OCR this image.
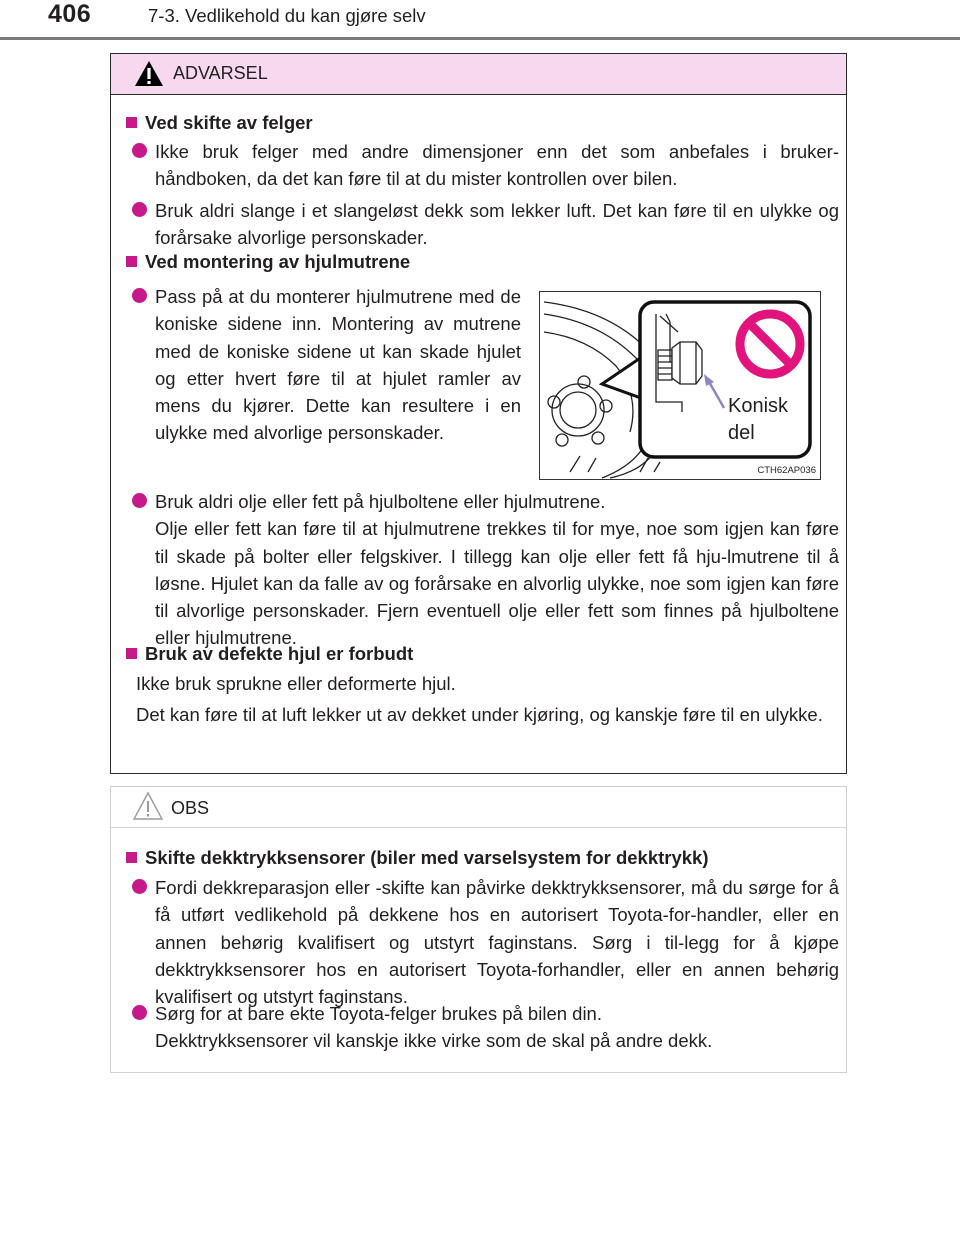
406	7-3. Vedlikehold du kan gjøre selv
ADVARSEL
Ved skifte av felger
Ikke bruk felger med andre dimensjoner enn det som anbefales i bruker-håndboken, da det kan føre til at du mister kontrollen over bilen.
Bruk aldri slange i et slangeløst dekk som lekker luft. Det kan føre til en ulykke og forårsake alvorlige personskader.
Ved montering av hjulmutrene
Pass på at du monterer hjulmutrene med de koniske sidene inn. Montering av mutrene med de koniske sidene ut kan skade hjulet og etter hvert føre til at hjulet ramler av mens du kjører. Dette kan resultere i en ulykke med alvorlige personskader.
Konisk
del
CTH62AP036
Bruk aldri olje eller fett på hjulboltene eller hjulmutrene.
Olje eller fett kan føre til at hjulmutrene trekkes til for mye, noe som igjen kan føre til skade på bolter eller felgskiver. I tillegg kan olje eller fett få hju-lmutrene til å løsne. Hjulet kan da falle av og forårsake en alvorlig ulykke, noe som igjen kan føre til alvorlige personskader. Fjern eventuell olje eller fett som finnes på hjulboltene eller hjulmutrene.
Bruk av defekte hjul er forbudt
Ikke bruk sprukne eller deformerte hjul.
Det kan føre til at luft lekker ut av dekket under kjøring, og kanskje føre til en ulykke.
OBS
Skifte dekktrykksensorer (biler med varselsystem for dekktrykk)
Fordi dekkreparasjon eller -skifte kan påvirke dekktrykksensorer, må du sørge for å få utført vedlikehold på dekkene hos en autorisert Toyota-for-handler, eller en annen behørig kvalifisert og utstyrt faginstans. Sørg i til-legg for å kjøpe dekktrykksensorer hos en autorisert Toyota-forhandler, eller en annen behørig kvalifisert og utstyrt faginstans.
Sørg for at bare ekte Toyota-felger brukes på bilen din.
Dekktrykksensorer vil kanskje ikke virke som de skal på andre dekk.
